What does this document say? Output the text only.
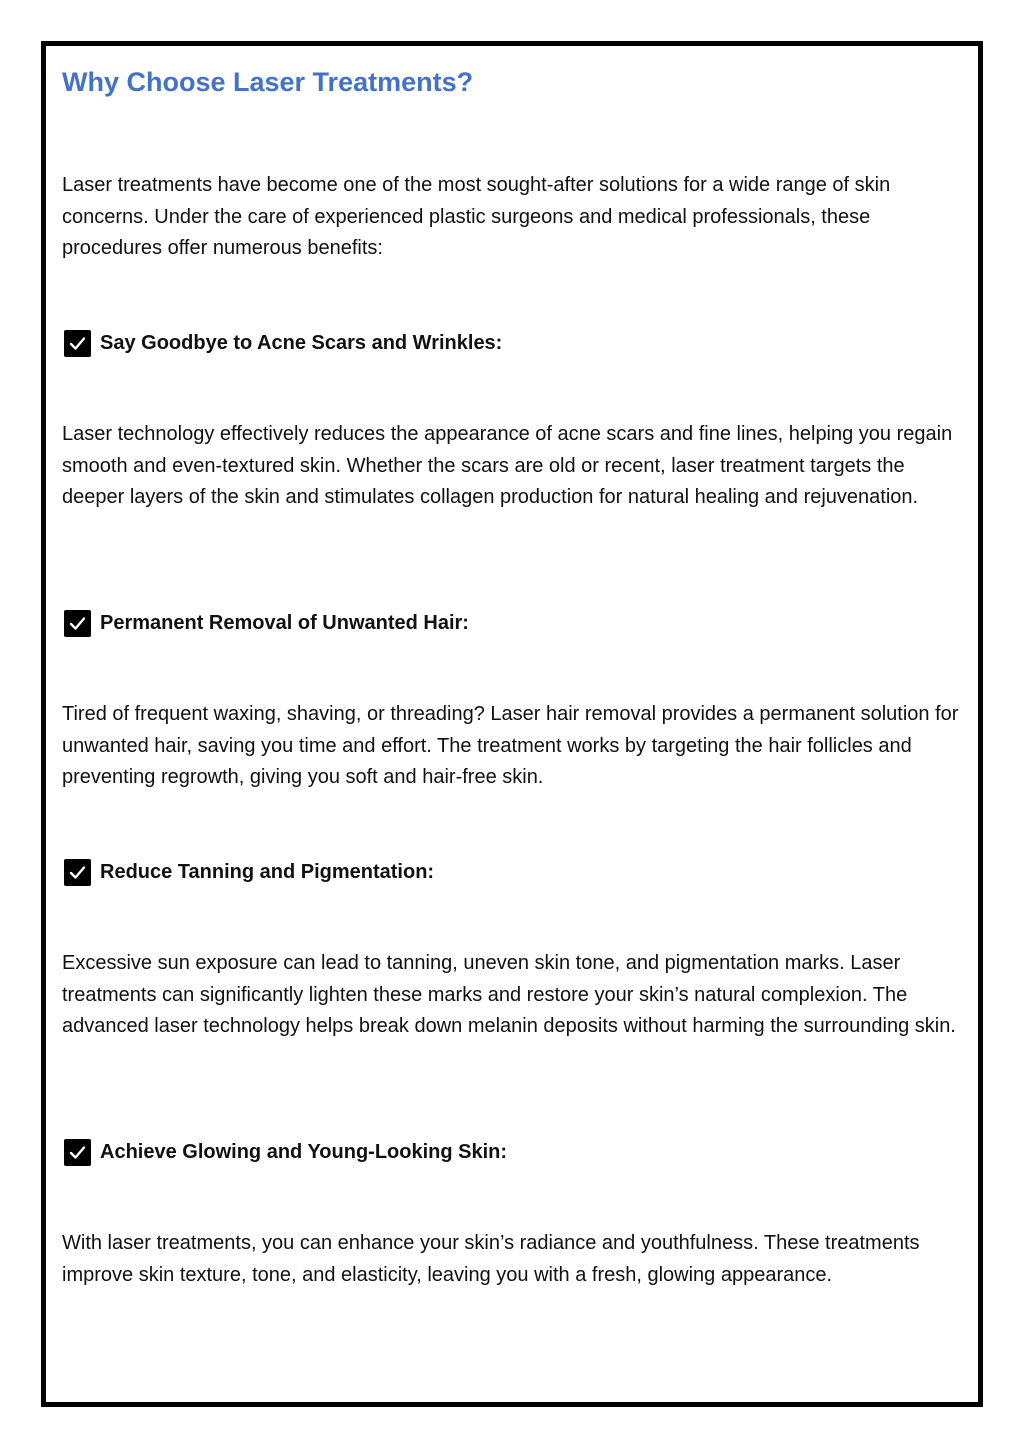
Why Choose Laser Treatments?

Laser treatments have become one of the most sought-after solutions for a wide range of skin concerns. Under the care of experienced plastic surgeons and medical professionals, these procedures offer numerous benefits:

Say Goodbye to Acne Scars and Wrinkles:

Laser technology effectively reduces the appearance of acne scars and fine lines, helping you regain smooth and even-textured skin. Whether the scars are old or recent, laser treatment targets the deeper layers of the skin and stimulates collagen production for natural healing and rejuvenation.

Permanent Removal of Unwanted Hair:

Tired of frequent waxing, shaving, or threading? Laser hair removal provides a permanent solution for unwanted hair, saving you time and effort. The treatment works by targeting the hair follicles and preventing regrowth, giving you soft and hair-free skin.

Reduce Tanning and Pigmentation:

Excessive sun exposure can lead to tanning, uneven skin tone, and pigmentation marks. Laser treatments can significantly lighten these marks and restore your skin’s natural complexion. The advanced laser technology helps break down melanin deposits without harming the surrounding skin.

Achieve Glowing and Young-Looking Skin:

With laser treatments, you can enhance your skin’s radiance and youthfulness. These treatments improve skin texture, tone, and elasticity, leaving you with a fresh, glowing appearance.
